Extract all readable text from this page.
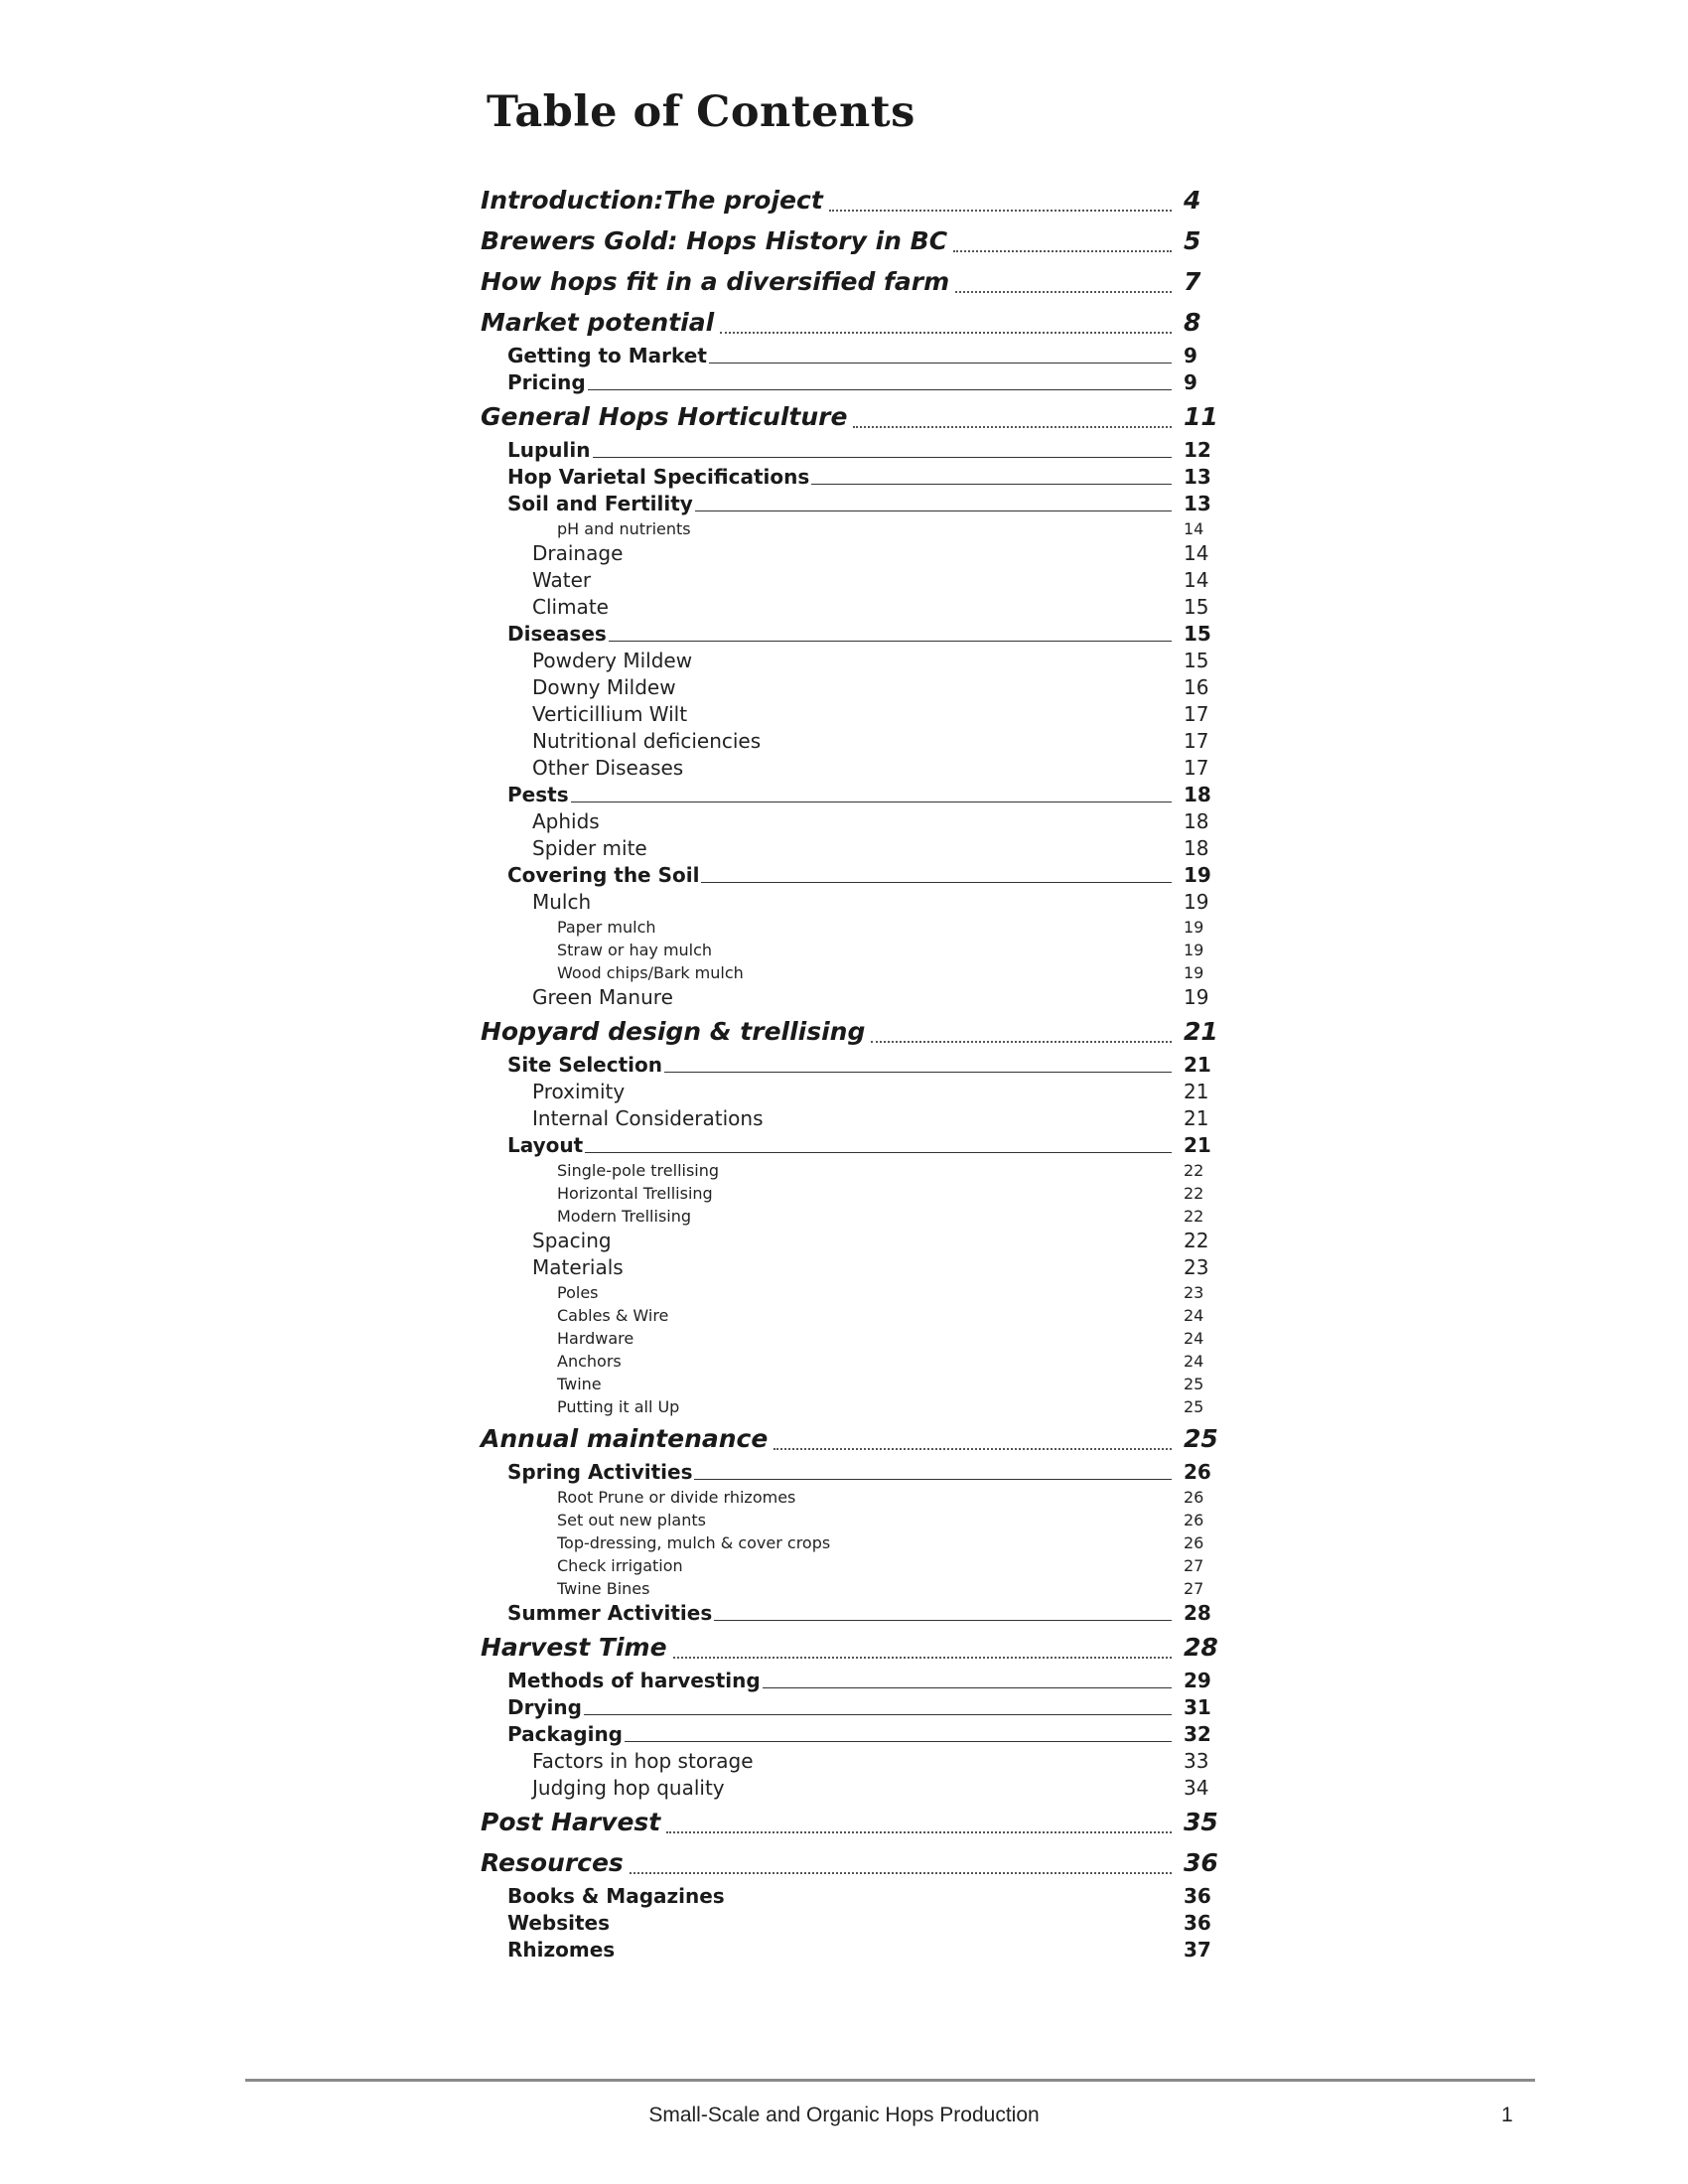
Table of Contents
Introduction:The project	4
Brewers Gold: Hops History in BC	5
How hops fit in a diversified farm	7
Market potential	8
Getting to Market	9
Pricing	9
General Hops Horticulture	11
Lupulin	12
Hop Varietal Specifications	13
Soil and Fertility	13
pH and nutrients	14
Drainage	14
Water	14
Climate	15
Diseases	15
Powdery Mildew	15
Downy Mildew	16
Verticillium Wilt	17
Nutritional deficiencies	17
Other Diseases	17
Pests	18
Aphids	18
Spider mite	18
Covering the Soil	19
Mulch	19
Paper mulch	19
Straw or hay mulch	19
Wood chips/Bark mulch	19
Green Manure	19
Hopyard design & trellising	21
Site Selection	21
Proximity	21
Internal Considerations	21
Layout	21
Single-pole trellising	22
Horizontal Trellising	22
Modern Trellising	22
Spacing	22
Materials	23
Poles	23
Cables & Wire	24
Hardware	24
Anchors	24
Twine	25
Putting it all Up	25
Annual maintenance	25
Spring Activities	26
Root Prune or divide rhizomes	26
Set out new plants	26
Top-dressing, mulch & cover crops	26
Check irrigation	27
Twine Bines	27
Summer Activities	28
Harvest Time	28
Methods of harvesting	29
Drying	31
Packaging	32
Factors in hop storage	33
Judging hop quality	34
Post Harvest	35
Resources	36
Books & Magazines	36
Websites	36
Rhizomes	37
Small-Scale and Organic Hops Production	1
